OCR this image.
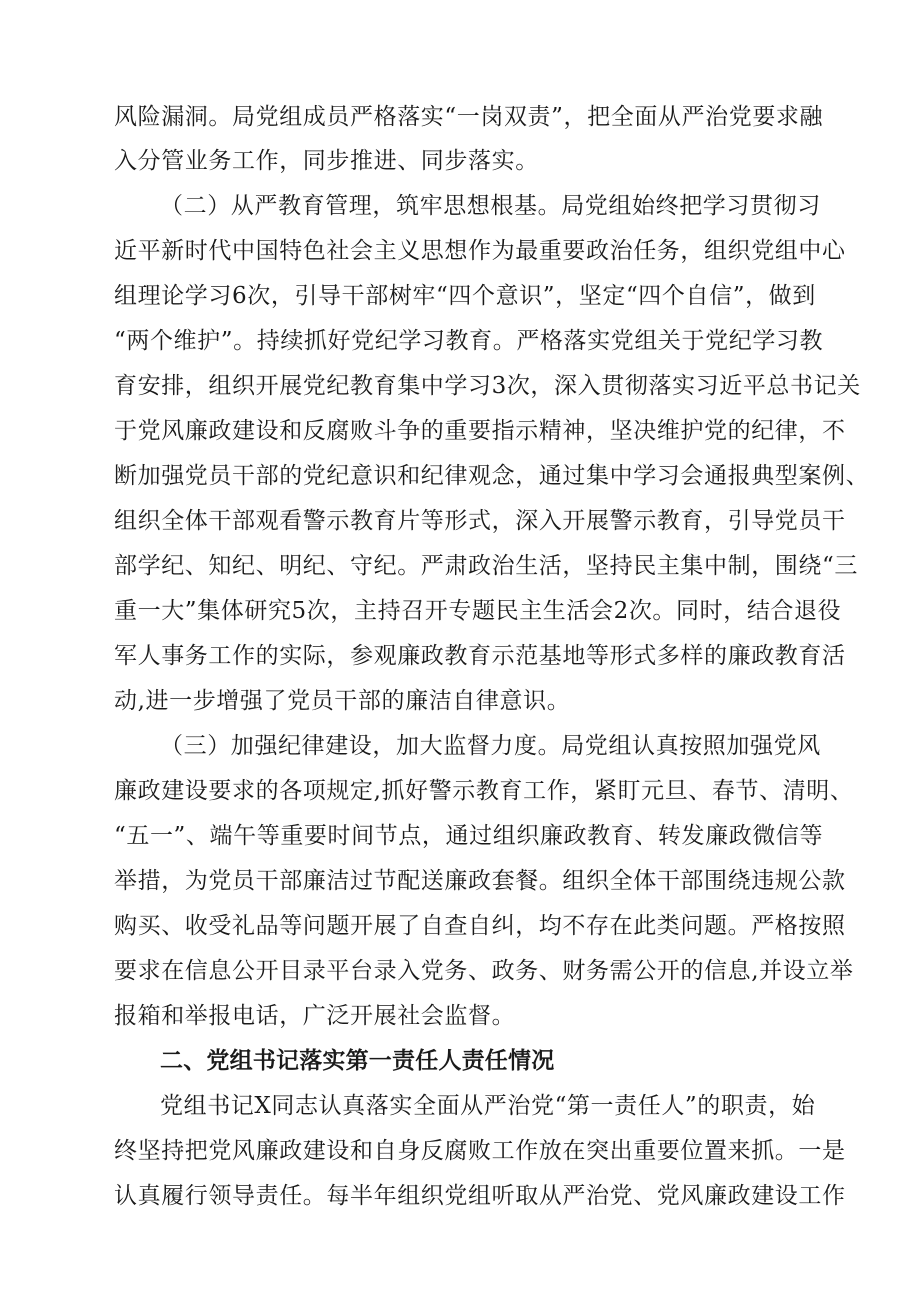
风险漏洞。局党组成员严格落实“一岗双责”，把全面从严治党要求融
入分管业务工作，同步推进、同步落实。
（二）从严教育管理，筑牢思想根基。局党组始终把学习贯彻习
近平新时代中国特色社会主义思想作为最重要政治任务，组织党组中心
组理论学习6次，引导干部树牢“四个意识”，坚定“四个自信”，做到
“两个维护”。持续抓好党纪学习教育。严格落实党组关于党纪学习教
育安排，组织开展党纪教育集中学习3次，深入贯彻落实习近平总书记关
于党风廉政建设和反腐败斗争的重要指示精神，坚决维护党的纪律，不
断加强党员干部的党纪意识和纪律观念，通过集中学习会通报典型案例、
组织全体干部观看警示教育片等形式，深入开展警示教育，引导党员干
部学纪、知纪、明纪、守纪。严肃政治生活，坚持民主集中制，围绕“三
重一大”集体研究5次，主持召开专题民主生活会2次。同时，结合退役
军人事务工作的实际，参观廉政教育示范基地等形式多样的廉政教育活
动,进一步增强了党员干部的廉洁自律意识。
（三）加强纪律建设，加大监督力度。局党组认真按照加强党风
廉政建设要求的各项规定,抓好警示教育工作，紧盯元旦、春节、清明、
“五一”、端午等重要时间节点，通过组织廉政教育、转发廉政微信等
举措，为党员干部廉洁过节配送廉政套餐。组织全体干部围绕违规公款
购买、收受礼品等问题开展了自查自纠，均不存在此类问题。严格按照
要求在信息公开目录平台录入党务、政务、财务需公开的信息,并设立举
报箱和举报电话，广泛开展社会监督。
二、党组书记落实第一责任人责任情况
党组书记X同志认真落实全面从严治党“第一责任人”的职责，始
终坚持把党风廉政建设和自身反腐败工作放在突出重要位置来抓。一是
认真履行领导责任。每半年组织党组听取从严治党、党风廉政建设工作
